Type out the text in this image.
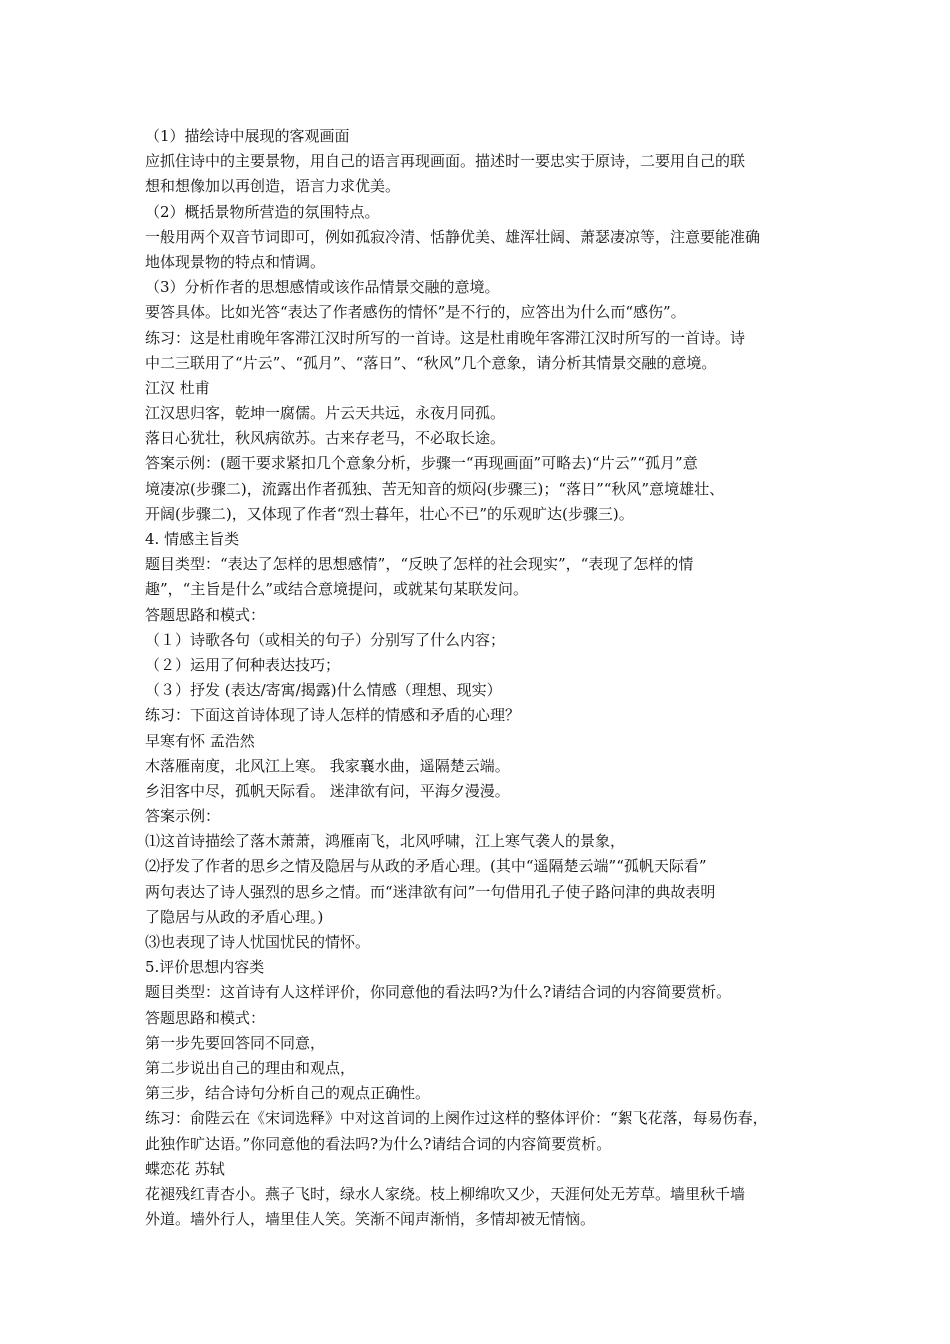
（1）描绘诗中展现的客观画面
应抓住诗中的主要景物，用自己的语言再现画面。描述时一要忠实于原诗，二要用自己的联
想和想像加以再创造，语言力求优美。
（2）概括景物所营造的氛围特点。
一般用两个双音节词即可，例如孤寂冷清、恬静优美、雄浑壮阔、萧瑟凄凉等，注意要能准确
地体现景物的特点和情调。
（3）分析作者的思想感情或该作品情景交融的意境。
要答具体。比如光答“表达了作者感伤的情怀”是不行的，应答出为什么而“感伤”。
练习：这是杜甫晚年客滞江汉时所写的一首诗。这是杜甫晚年客滞江汉时所写的一首诗。诗
中二三联用了“片云”、“孤月”、“落日”、“秋风”几个意象，请分析其情景交融的意境。
江汉 杜甫
江汉思归客，乾坤一腐儒。片云天共远，永夜月同孤。
落日心犹壮，秋风病欲苏。古来存老马，不必取长途。
答案示例：(题干要求紧扣几个意象分析，步骤一“再现画面”可略去)“片云”“孤月”意
境凄凉(步骤二)，流露出作者孤独、苦无知音的烦闷(步骤三)；“落日”“秋风”意境雄壮、
开阔(步骤二)，又体现了作者“烈士暮年，壮心不已”的乐观旷达(步骤三)。
4. 情感主旨类
题目类型：“表达了怎样的思想感情”，“反映了怎样的社会现实”，“表现了怎样的情
趣”，“主旨是什么”或结合意境提问，或就某句某联发问。
答题思路和模式：
（１）诗歌各句（或相关的句子）分别写了什么内容；
（２）运用了何种表达技巧；
（３）抒发 (表达/寄寓/揭露)什么情感（理想、现实）
练习：下面这首诗体现了诗人怎样的情感和矛盾的心理？
早寒有怀 孟浩然
木落雁南度，北风江上寒。 我家襄水曲，遥隔楚云端。
乡泪客中尽，孤帆天际看。 迷津欲有问，平海夕漫漫。
答案示例：
⑴这首诗描绘了落木萧萧，鸿雁南飞，北风呼啸，江上寒气袭人的景象，
⑵抒发了作者的思乡之情及隐居与从政的矛盾心理。(其中“遥隔楚云端”“孤帆天际看”
两句表达了诗人强烈的思乡之情。而“迷津欲有问”一句借用孔子使子路问津的典故表明
了隐居与从政的矛盾心理。)
⑶也表现了诗人忧国忧民的情怀。
5.评价思想内容类
题目类型：这首诗有人这样评价，你同意他的看法吗?为什么?请结合词的内容简要赏析。
答题思路和模式：
第一步先要回答同不同意，
第二步说出自己的理由和观点，
第三步，结合诗句分析自己的观点正确性。
练习：俞陛云在《宋词选释》中对这首词的上阕作过这样的整体评价：“絮飞花落，每易伤春，
此独作旷达语。”你同意他的看法吗?为什么?请结合词的内容简要赏析。
蝶恋花 苏轼
花褪残红青杏小。燕子飞时，绿水人家绕。枝上柳绵吹又少，天涯何处无芳草。墙里秋千墙
外道。墙外行人，墙里佳人笑。笑渐不闻声渐悄，多情却被无情恼。
